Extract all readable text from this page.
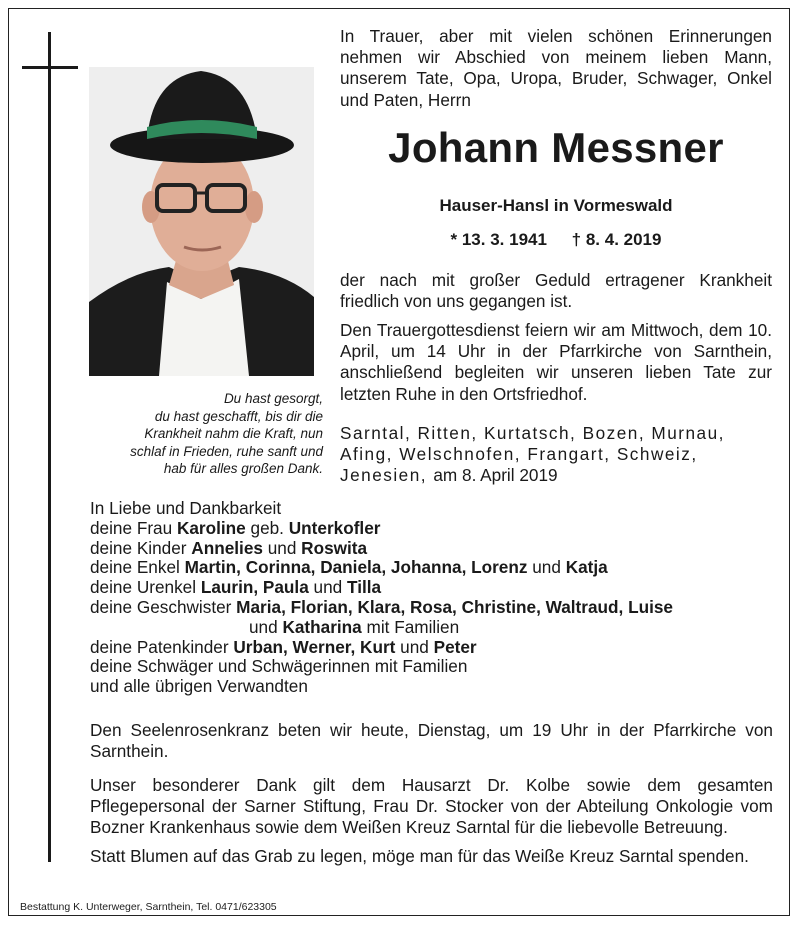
Du hast gesorgt,
du hast geschafft, bis dir die
Krankheit nahm die Kraft, nun
schlaf in Frieden, ruhe sanft und
hab für alles großen Dank.
In Trauer, aber mit vielen schönen Erinnerungen nehmen wir Abschied von meinem lieben Mann, unserem Tate, Opa, Uropa, Bruder, Schwager, Onkel und Paten, Herrn
Johann Messner
Hauser-Hansl in Vormeswald
* 13. 3. 1941 † 8. 4. 2019
der nach mit großer Geduld ertragener Krankheit friedlich von uns gegangen ist.
Den Trauergottesdienst feiern wir am Mittwoch, dem 10. April, um 14 Uhr in der Pfarrkirche von Sarnthein, anschließend begleiten wir unseren lieben Tate zur letzten Ruhe in den Ortsfriedhof.
Sarntal, Ritten, Kurtatsch, Bozen, Murnau, Afing, Welschnofen, Frangart, Schweiz, Jenesien, am 8. April 2019
In Liebe und Dankbarkeit
deine Frau Karoline geb. Unterkofler
deine Kinder Annelies und Roswita
deine Enkel Martin, Corinna, Daniela, Johanna, Lorenz und Katja
deine Urenkel Laurin, Paula und Tilla
deine Geschwister Maria, Florian, Klara, Rosa, Christine, Waltraud, Luise
und Katharina mit Familien
deine Patenkinder Urban, Werner, Kurt und Peter
deine Schwäger und Schwägerinnen mit Familien
und alle übrigen Verwandten
Den Seelenrosenkranz beten wir heute, Dienstag, um 19 Uhr in der Pfarrkirche von Sarnthein.
Unser besonderer Dank gilt dem Hausarzt Dr. Kolbe sowie dem gesamten Pflegepersonal der Sarner Stiftung, Frau Dr. Stocker von der Abteilung Onkologie vom Bozner Krankenhaus sowie dem Weißen Kreuz Sarntal für die liebevolle Betreuung.
Statt Blumen auf das Grab zu legen, möge man für das Weiße Kreuz Sarntal spenden.
Bestattung K. Unterweger, Sarnthein, Tel. 0471/623305
